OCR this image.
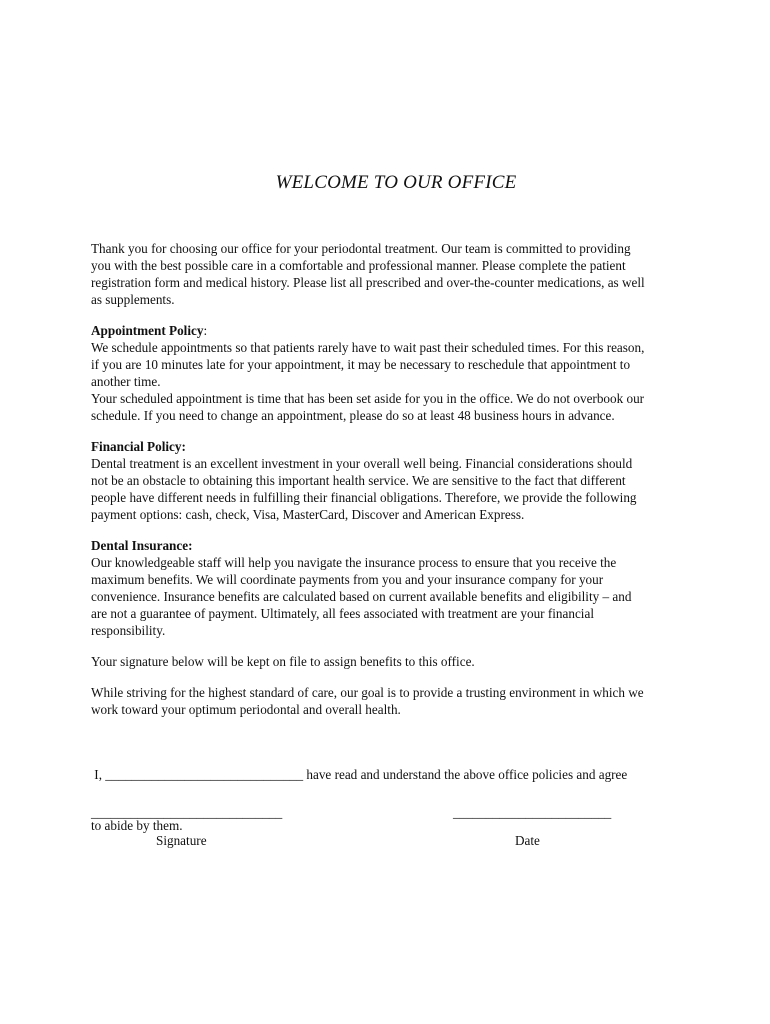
WELCOME TO OUR OFFICE

Thank you for choosing our office for your periodontal treatment. Our team is committed to providing
you with the best possible care in a comfortable and professional manner. Please complete the patient
registration form and medical history. Please list all prescribed and over-the-counter medications, as well
as supplements.

Appointment Policy:
We schedule appointments so that patients rarely have to wait past their scheduled times. For this reason,
if you are 10 minutes late for your appointment, it may be necessary to reschedule that appointment to
another time.
Your scheduled appointment is time that has been set aside for you in the office. We do not overbook our
schedule. If you need to change an appointment, please do so at least 48 business hours in advance.

Financial Policy:
Dental treatment is an excellent investment in your overall well being. Financial considerations should
not be an obstacle to obtaining this important health service. We are sensitive to the fact that different
people have different needs in fulfilling their financial obligations. Therefore, we provide the following
payment options: cash, check, Visa, MasterCard, Discover and American Express.

Dental Insurance:
Our knowledgeable staff will help you navigate the insurance process to ensure that you receive the
maximum benefits. We will coordinate payments from you and your insurance company for your
convenience. Insurance benefits are calculated based on current available benefits and eligibility – and
are not a guarantee of payment. Ultimately, all fees associated with treatment are your financial
responsibility.

Your signature below will be kept on file to assign benefits to this office.

While striving for the highest standard of care, our goal is to provide a trusting environment in which we
work toward your optimum periodontal and overall health.

I, ______________________________ have read and understand the above office policies and agree

to abide by them.

_____________________________	________________________
Signature	Date
